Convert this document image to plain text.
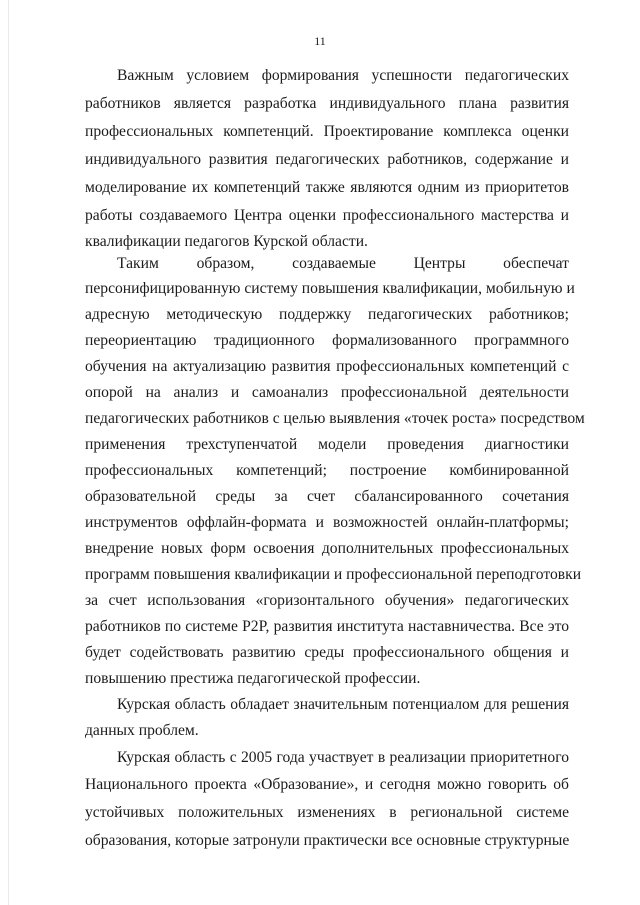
11
Важным условием формирования успешности педагогических
работников является разработка индивидуального плана развития
профессиональных компетенций. Проектирование комплекса оценки
индивидуального развития педагогических работников, содержание и
моделирование их компетенций также являются одним из приоритетов
работы создаваемого Центра оценки профессионального мастерства и
квалификации педагогов Курской области.
Таким образом, создаваемые Центры обеспечат
персонифицированную систему повышения квалификации, мобильную и
адресную методическую поддержку педагогических работников;
переориентацию традиционного формализованного программного
обучения на актуализацию развития профессиональных компетенций с
опорой на анализ и самоанализ профессиональной деятельности
педагогических работников с целью выявления «точек роста» посредством
применения трехступенчатой модели проведения диагностики
профессиональных компетенций; построение комбинированной
образовательной среды за счет сбалансированного сочетания
инструментов оффлайн-формата и возможностей онлайн-платформы;
внедрение новых форм освоения дополнительных профессиональных
программ повышения квалификации и профессиональной переподготовки
за счет использования «горизонтального обучения» педагогических
работников по системе P2P, развития института наставничества. Все это
будет содействовать развитию среды профессионального общения и
повышению престижа педагогической профессии.
Курская область обладает значительным потенциалом для решения
данных проблем.
Курская область с 2005 года участвует в реализации приоритетного
Национального проекта «Образование», и сегодня можно говорить об
устойчивых положительных изменениях в региональной системе
образования, которые затронули практически все основные структурные
